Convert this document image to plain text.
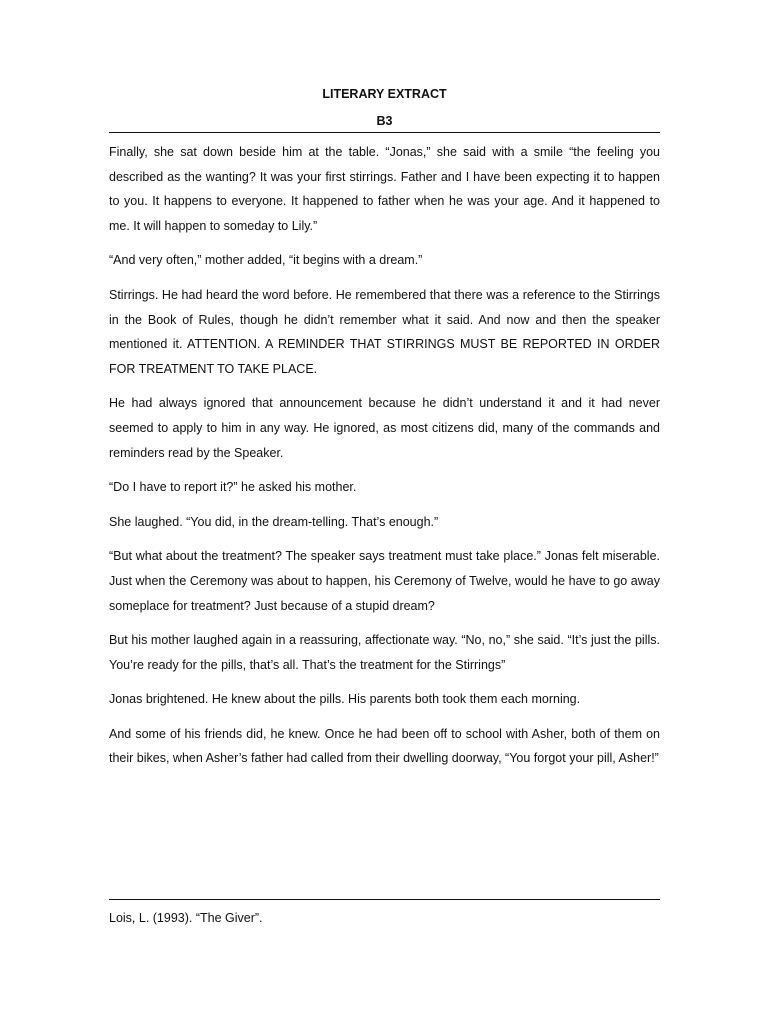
LITERARY EXTRACT
B3

Finally, she sat down beside him at the table. “Jonas,” she said with a smile “the feeling you described as the wanting? It was your first stirrings. Father and I have been expecting it to happen to you. It happens to everyone. It happened to father when he was your age. And it happened to me. It will happen to someday to Lily.”

“And very often,” mother added, “it begins with a dream.”

Stirrings. He had heard the word before. He remembered that there was a reference to the Stirrings in the Book of Rules, though he didn’t remember what it said. And now and then the speaker mentioned it. ATTENTION. A REMINDER THAT STIRRINGS MUST BE REPORTED IN ORDER FOR TREATMENT TO TAKE PLACE.

He had always ignored that announcement because he didn’t understand it and it had never seemed to apply to him in any way. He ignored, as most citizens did, many of the commands and reminders read by the Speaker.

“Do I have to report it?” he asked his mother.

She laughed. “You did, in the dream-telling. That’s enough.”

“But what about the treatment? The speaker says treatment must take place.” Jonas felt miserable. Just when the Ceremony was about to happen, his Ceremony of Twelve, would he have to go away someplace for treatment? Just because of a stupid dream?

But his mother laughed again in a reassuring, affectionate way. “No, no,” she said. “It’s just the pills. You’re ready for the pills, that’s all. That’s the treatment for the Stirrings”

Jonas brightened. He knew about the pills. His parents both took them each morning.

And some of his friends did, he knew. Once he had been off to school with Asher, both of them on their bikes, when Asher’s father had called from their dwelling doorway, “You forgot your pill, Asher!”

Lois, L. (1993). “The Giver”.
